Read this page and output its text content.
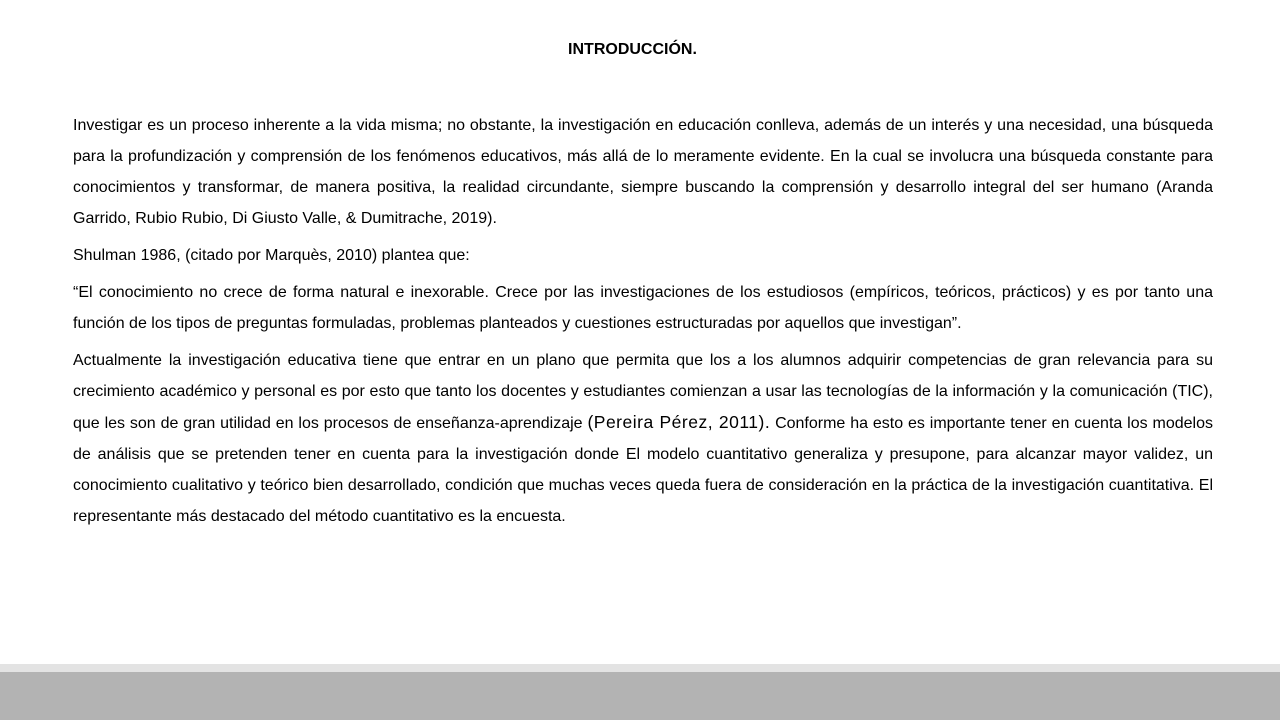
INTRODUCCIÓN.

Investigar es un proceso inherente a la vida misma; no obstante, la investigación en educación conlleva, además de un interés y una necesidad, una búsqueda para la profundización y comprensión de los fenómenos educativos, más allá de lo meramente evidente. En la cual se involucra una búsqueda constante para conocimientos y transformar, de manera positiva, la realidad circundante, siempre buscando la comprensión y desarrollo integral del ser humano (Aranda Garrido, Rubio Rubio, Di Giusto Valle, & Dumitrache, 2019).

Shulman 1986, (citado por Marquès, 2010) plantea que:

“El conocimiento no crece de forma natural e inexorable. Crece por las investigaciones de los estudiosos (empíricos, teóricos, prácticos) y es por tanto una función de los tipos de preguntas formuladas, problemas planteados y cuestiones estructuradas por aquellos que investigan”.

Actualmente la investigación educativa tiene que entrar en un plano que permita que los a los alumnos adquirir competencias de gran relevancia para su crecimiento académico y personal es por esto que tanto los docentes y estudiantes comienzan a usar las tecnologías de la información y la comunicación (TIC), que les son de gran utilidad en los procesos de enseñanza-aprendizaje (Pereira Pérez, 2011). Conforme ha esto es importante tener en cuenta los modelos de análisis que se pretenden tener en cuenta para la investigación donde El modelo cuantitativo generaliza y presupone, para alcanzar mayor validez, un conocimiento cualitativo y teórico bien desarrollado, condición que muchas veces queda fuera de consideración en la práctica de la investigación cuantitativa. El representante más destacado del método cuantitativo es la encuesta.
